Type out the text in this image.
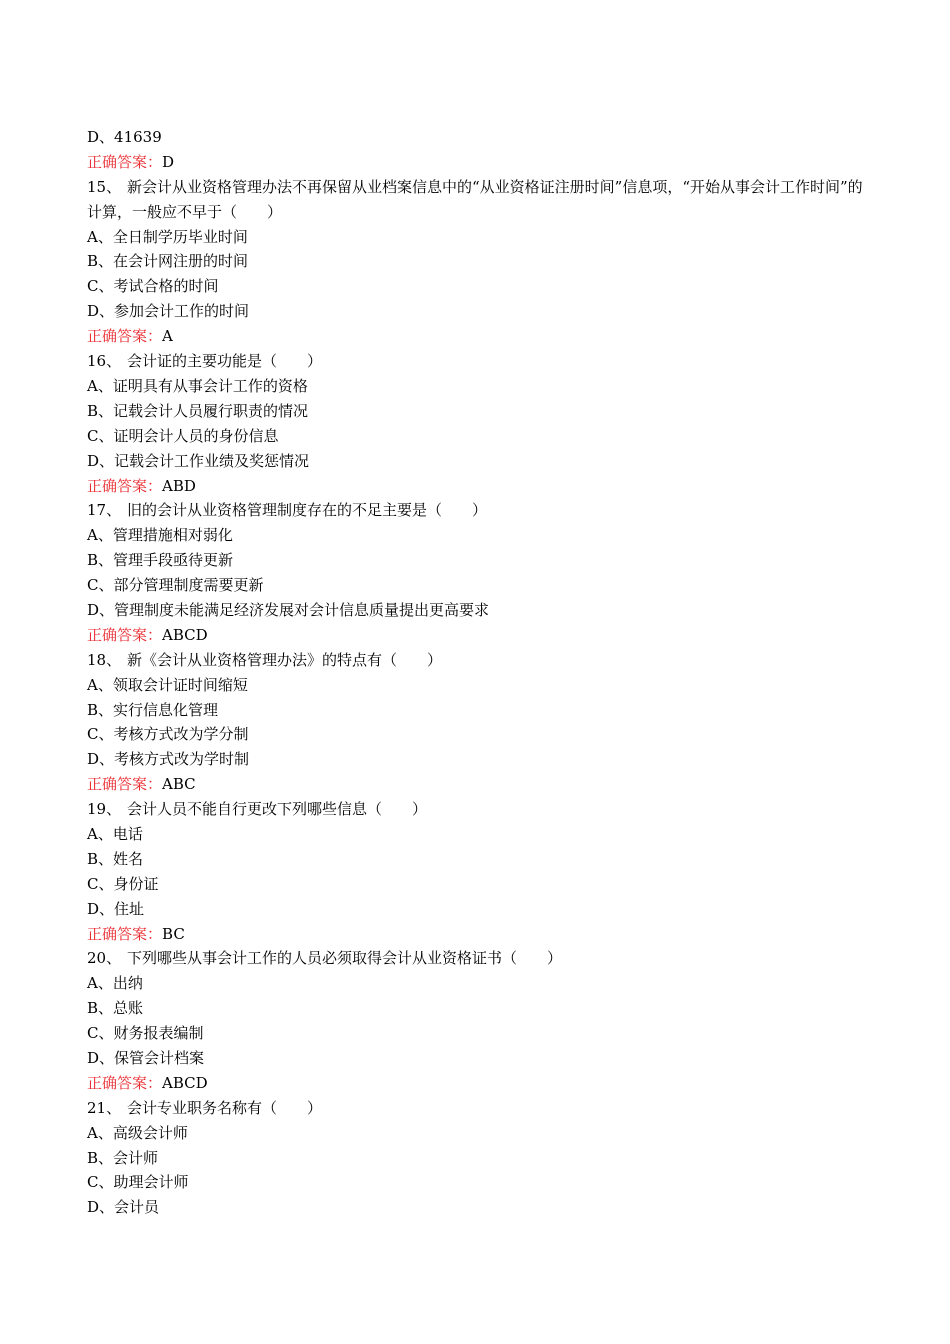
D、41639
正确答案：D
15、 新会计从业资格管理办法不再保留从业档案信息中的“从业资格证注册时间”信息项，“开始从事会计工作时间”的计算，一般应不早于（ ）
A、全日制学历毕业时间
B、在会计网注册的时间
C、考试合格的时间
D、参加会计工作的时间
正确答案：A
16、 会计证的主要功能是（ ）
A、证明具有从事会计工作的资格
B、记载会计人员履行职责的情况
C、证明会计人员的身份信息
D、记载会计工作业绩及奖惩情况
正确答案：ABD
17、 旧的会计从业资格管理制度存在的不足主要是（ ）
A、管理措施相对弱化
B、管理手段亟待更新
C、部分管理制度需要更新
D、管理制度未能满足经济发展对会计信息质量提出更高要求
正确答案：ABCD
18、 新《会计从业资格管理办法》的特点有（ ）
A、领取会计证时间缩短
B、实行信息化管理
C、考核方式改为学分制
D、考核方式改为学时制
正确答案：ABC
19、 会计人员不能自行更改下列哪些信息（ ）
A、电话
B、姓名
C、身份证
D、住址
正确答案：BC
20、 下列哪些从事会计工作的人员必须取得会计从业资格证书（ ）
A、出纳
B、总账
C、财务报表编制
D、保管会计档案
正确答案：ABCD
21、 会计专业职务名称有（ ）
A、高级会计师
B、会计师
C、助理会计师
D、会计员
